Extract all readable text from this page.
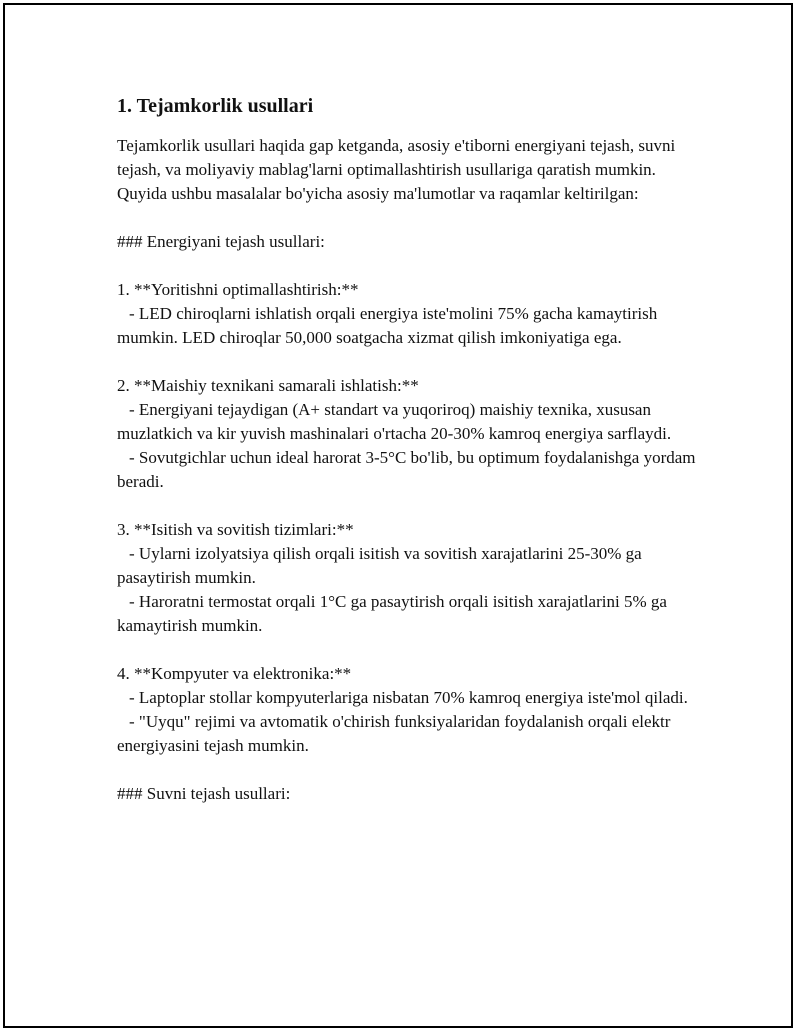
1. Tejamkorlik usullari

Tejamkorlik usullari haqida gap ketganda, asosiy e'tiborni energiyani tejash, suvni tejash, va moliyaviy mablag'larni optimallashtirish usullariga qaratish mumkin. Quyida ushbu masalalar bo'yicha asosiy ma'lumotlar va raqamlar keltirilgan:

### Energiyani tejash usullari:

1. **Yoritishni optimallashtirish:**

- LED chiroqlarni ishlatish orqali energiya iste'molini 75% gacha kamaytirish mumkin. LED chiroqlar 50,000 soatgacha xizmat qilish imkoniyatiga ega.

2. **Maishiy texnikani samarali ishlatish:**

- Energiyani tejaydigan (A+ standart va yuqoriroq) maishiy texnika, xususan muzlatkich va kir yuvish mashinalari o'rtacha 20-30% kamroq energiya sarflaydi.

- Sovutgichlar uchun ideal harorat 3-5°C bo'lib, bu optimum foydalanishga yordam beradi.

3. **Isitish va sovitish tizimlari:**

- Uylarni izolyatsiya qilish orqali isitish va sovitish xarajatlarini 25-30% ga pasaytirish mumkin.

- Haroratni termostat orqali 1°C ga pasaytirish orqali isitish xarajatlarini 5% ga kamaytirish mumkin.

4. **Kompyuter va elektronika:**

- Laptoplar stollar kompyuterlariga nisbatan 70% kamroq energiya iste'mol qiladi.

- "Uyqu" rejimi va avtomatik o'chirish funksiyalaridan foydalanish orqali elektr energiyasini tejash mumkin.

### Suvni tejash usullari:
